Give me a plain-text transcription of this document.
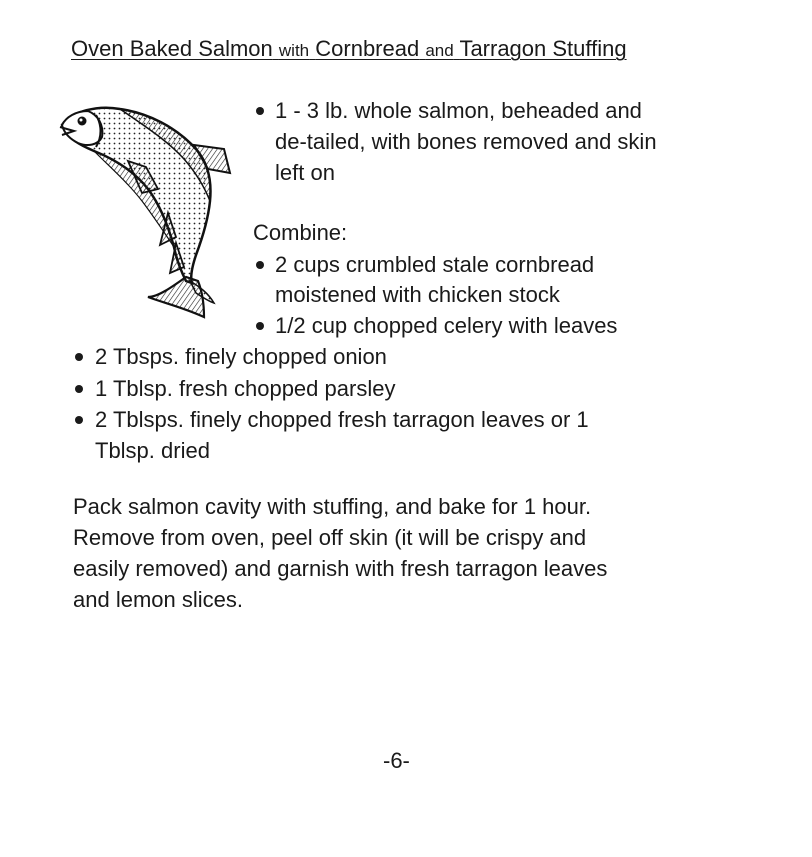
Oven Baked Salmon with Cornbread and Tarragon Stuffing
1 - 3 lb. whole salmon, beheaded and
de-tailed, with bones removed and skin
left on
Combine:
2 cups crumbled stale cornbread
moistened with chicken stock
1/2 cup chopped celery with leaves
2 Tbsps. finely chopped onion
1 Tblsp. fresh chopped parsley
2 Tblsps. finely chopped fresh tarragon leaves or 1
Tblsp. dried
Pack salmon cavity with stuffing, and bake for 1 hour.
Remove from oven, peel off skin (it will be crispy and
easily removed) and garnish with fresh tarragon leaves
and lemon slices.
-6-
